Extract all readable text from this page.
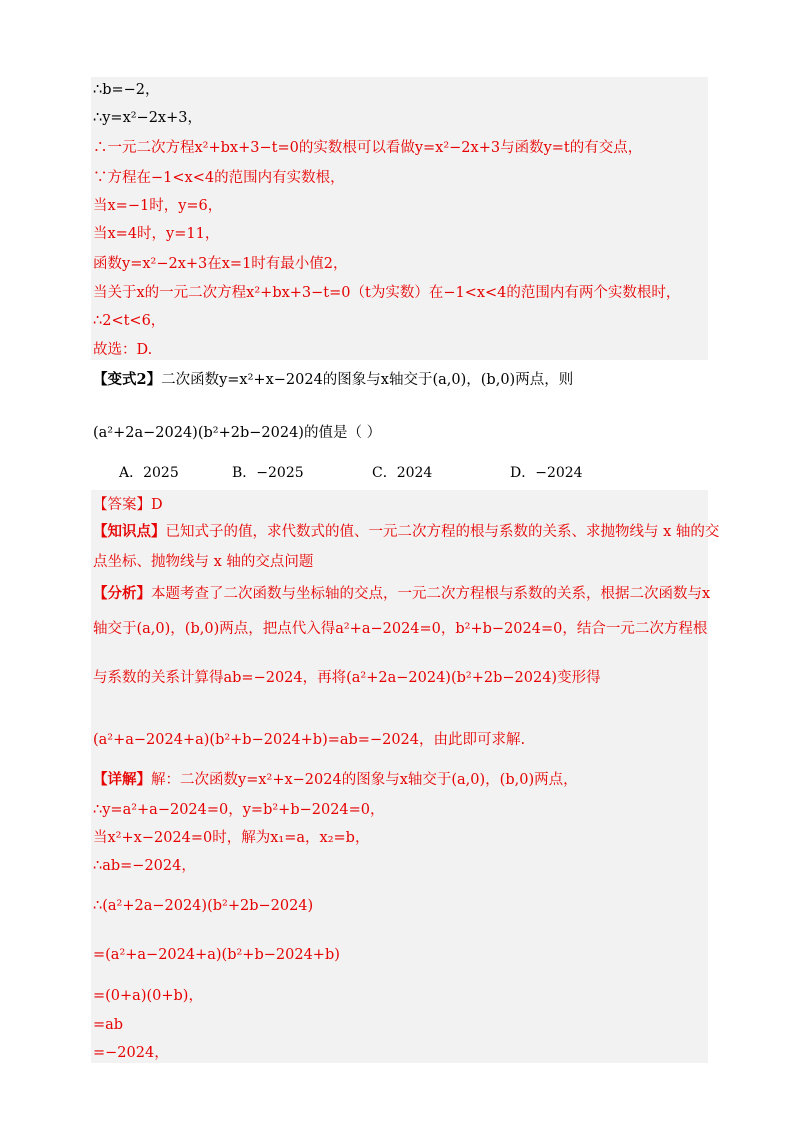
∴b=−2，
∴y=x²−2x+3，
∴一元二次方程x²+bx+3−t=0的实数根可以看做y=x²−2x+3与函数y=t的有交点，
∵方程在−1<x<4的范围内有实数根，
当x=−1时，y=6，
当x=4时，y=11，
函数y=x²−2x+3在x=1时有最小值2，
当关于x的一元二次方程x²+bx+3−t=0（t为实数）在−1<x<4的范围内有两个实数根时，
∴2<t<6，
故选：D.
【变式2】二次函数y=x²+x−2024的图象与x轴交于(a,0)，(b,0)两点，则
(a²+2a−2024)(b²+2b−2024)的值是（ ）
A．2025	B．−2025	C．2024	D．−2024
【答案】D
【知识点】已知式子的值，求代数式的值、一元二次方程的根与系数的关系、求抛物线与 x 轴的交
点坐标、抛物线与 x 轴的交点问题
【分析】本题考查了二次函数与坐标轴的交点，一元二次方程根与系数的关系，根据二次函数与x
轴交于(a,0)，(b,0)两点，把点代入得a²+a−2024=0，b²+b−2024=0，结合一元二次方程根
与系数的关系计算得ab=−2024，再将(a²+2a−2024)(b²+2b−2024)变形得
(a²+a−2024+a)(b²+b−2024+b)=ab=−2024，由此即可求解.
【详解】解：二次函数y=x²+x−2024的图象与x轴交于(a,0)，(b,0)两点，
∴y=a²+a−2024=0，y=b²+b−2024=0，
当x²+x−2024=0时，解为x₁=a，x₂=b，
∴ab=−2024，
∴(a²+2a−2024)(b²+2b−2024)
=(a²+a−2024+a)(b²+b−2024+b)
=(0+a)(0+b)，
=ab
=−2024，
